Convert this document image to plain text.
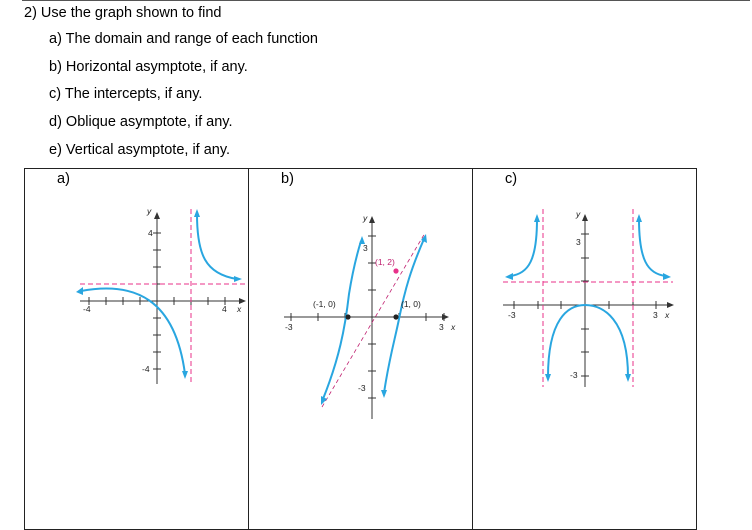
2) Use the graph shown to find
a) The domain and range of each function
b) Horizontal asymptote, if any.
c) The intercepts, if any.
d) Oblique asymptote, if any.
e) Vertical asymptote, if any.
a)
-4	4 x
4
-4
y
b)
(-1, 0)	(1, 0)
(1, 2)
-3	3 x
3
-3
y
c)
-3	3 x
3
-3
y
